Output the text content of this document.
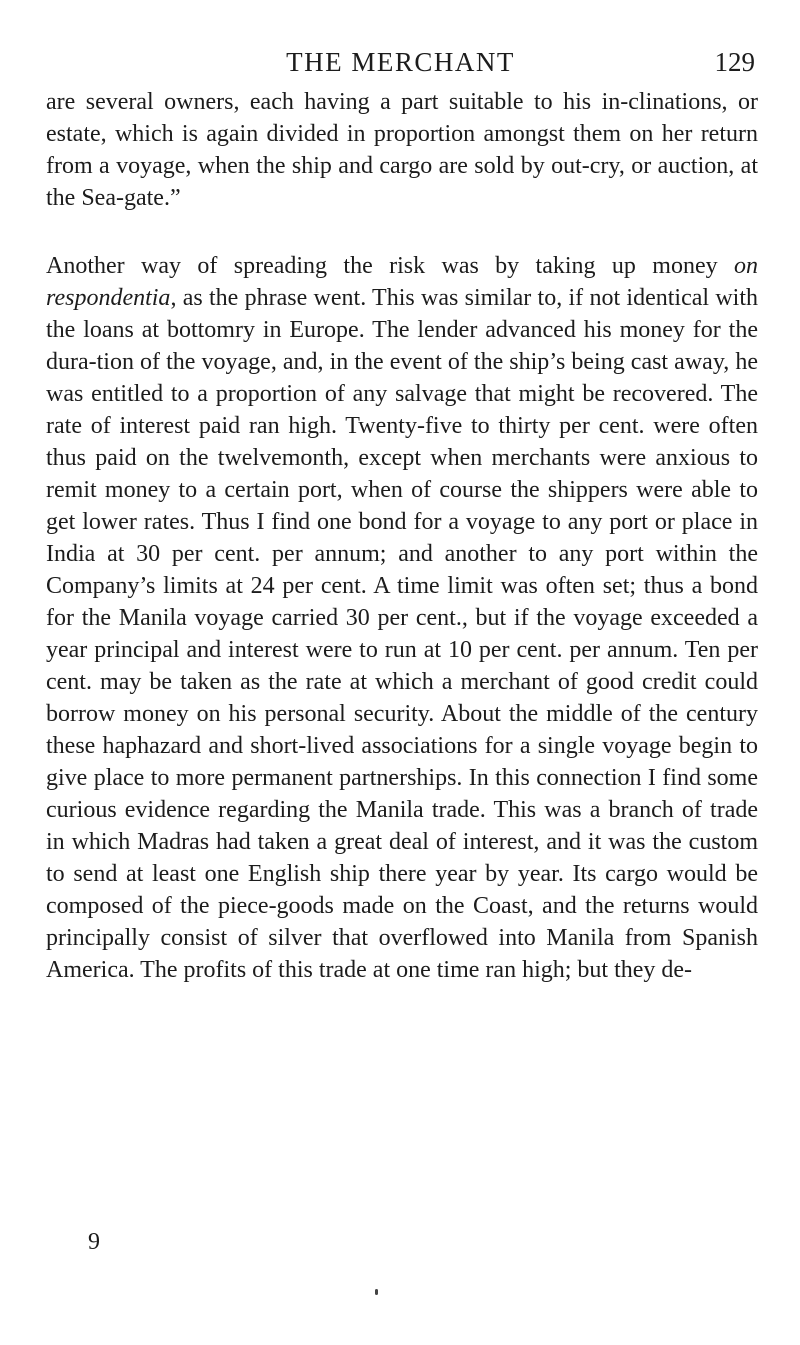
THE MERCHANT	129

are several owners, each having a part suitable to his in-clinations, or estate, which is again divided in proportion amongst them on her return from a voyage, when the ship and cargo are sold by out-cry, or auction, at the Sea-gate.”

Another way of spreading the risk was by taking up money on respondentia, as the phrase went. This was similar to, if not identical with the loans at bottomry in Europe. The lender advanced his money for the dura-tion of the voyage, and, in the event of the ship’s being cast away, he was entitled to a proportion of any salvage that might be recovered. The rate of interest paid ran high. Twenty-five to thirty per cent. were often thus paid on the twelvemonth, except when merchants were anxious to remit money to a certain port, when of course the shippers were able to get lower rates. Thus I find one bond for a voyage to any port or place in India at 30 per cent. per annum; and another to any port within the Company’s limits at 24 per cent. A time limit was often set; thus a bond for the Manila voyage carried 30 per cent., but if the voyage exceeded a year principal and interest were to run at 10 per cent. per annum. Ten per cent. may be taken as the rate at which a merchant of good credit could borrow money on his personal security. About the middle of the century these haphazard and short-lived associations for a single voyage begin to give place to more permanent partnerships. In this connection I find some curious evidence regarding the Manila trade. This was a branch of trade in which Madras had taken a great deal of interest, and it was the custom to send at least one English ship there year by year. Its cargo would be composed of the piece-goods made on the Coast, and the returns would principally consist of silver that overflowed into Manila from Spanish America. The profits of this trade at one time ran high; but they de-

9
